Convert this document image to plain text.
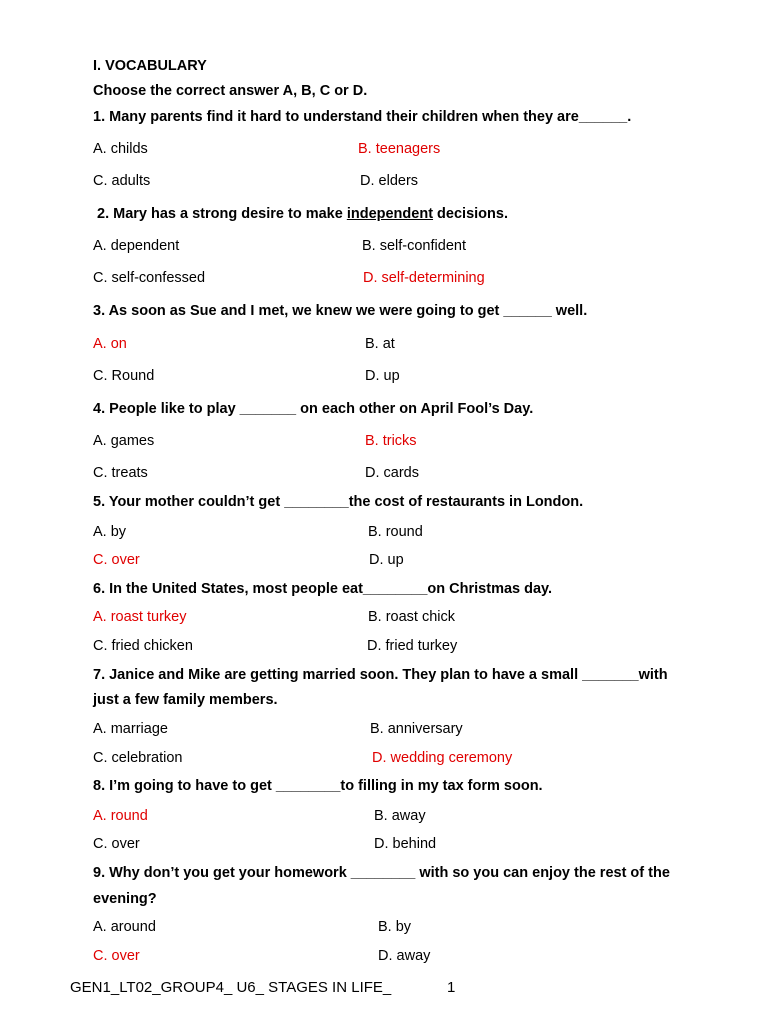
I. VOCABULARY
Choose the correct answer A, B, C or D.
1. Many parents find it hard to understand their children when they are______.
A. childs	B. teenagers
C. adults	D. elders
2. Mary has a strong desire to make independent decisions.
A. dependent	B. self-confident
C. self-confessed	D. self-determining
3. As soon as Sue and I met, we knew we were going to get ______ well.
A. on	B. at
C. Round	D. up
4. People like to play _______ on each other on April Fool’s Day.
A. games	B. tricks
C. treats	D. cards
5. Your mother couldn’t get ________the cost of restaurants in London.
A. by	B. round
C. over	D. up
6. In the United States, most people eat________on Christmas day.
A. roast turkey	B. roast chick
C. fried chicken	D. fried turkey
7. Janice and Mike are getting married soon. They plan to have a small _______with
just a few family members.
A. marriage	B. anniversary
C. celebration	D. wedding ceremony
8. I’m going to have to get ________to filling in my tax form soon.
A. round	B. away
C. over	D. behind
9. Why don’t you get your homework ________ with so you can enjoy the rest of the
evening?
A. around	B. by
C. over	D. away
GEN1_LT02_GROUP4_ U6_ STAGES IN LIFE_	1
